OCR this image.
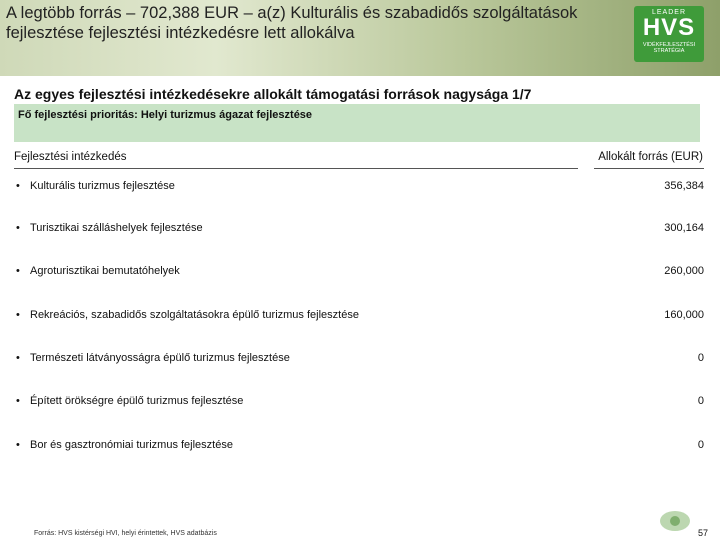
A legtöbb forrás – 702,388 EUR – a(z) Kulturális és szabadidős szolgáltatások fejlesztése fejlesztési intézkedésre lett allokálva
LEADER
HVS
VIDÉKFEJLESZTÉSI STRATÉGIA
Az egyes fejlesztési intézkedésekre allokált támogatási források nagysága 1/7
Fő fejlesztési prioritás: Helyi turizmus ágazat fejlesztése
Fejlesztési intézkedés	Allokált forrás (EUR)
• Kulturális turizmus fejlesztése	356,384
• Turisztikai szálláshelyek fejlesztése	300,164
• Agroturisztikai bemutatóhelyek	260,000
• Rekreációs, szabadidős szolgáltatásokra épülő turizmus fejlesztése	160,000
• Természeti látványosságra épülő turizmus fejlesztése	0
• Épített örökségre épülő turizmus fejlesztése	0
• Bor és gasztronómiai turizmus fejlesztése	0
Forrás: HVS kistérségi HVI, helyi érintettek, HVS adatbázis	57
